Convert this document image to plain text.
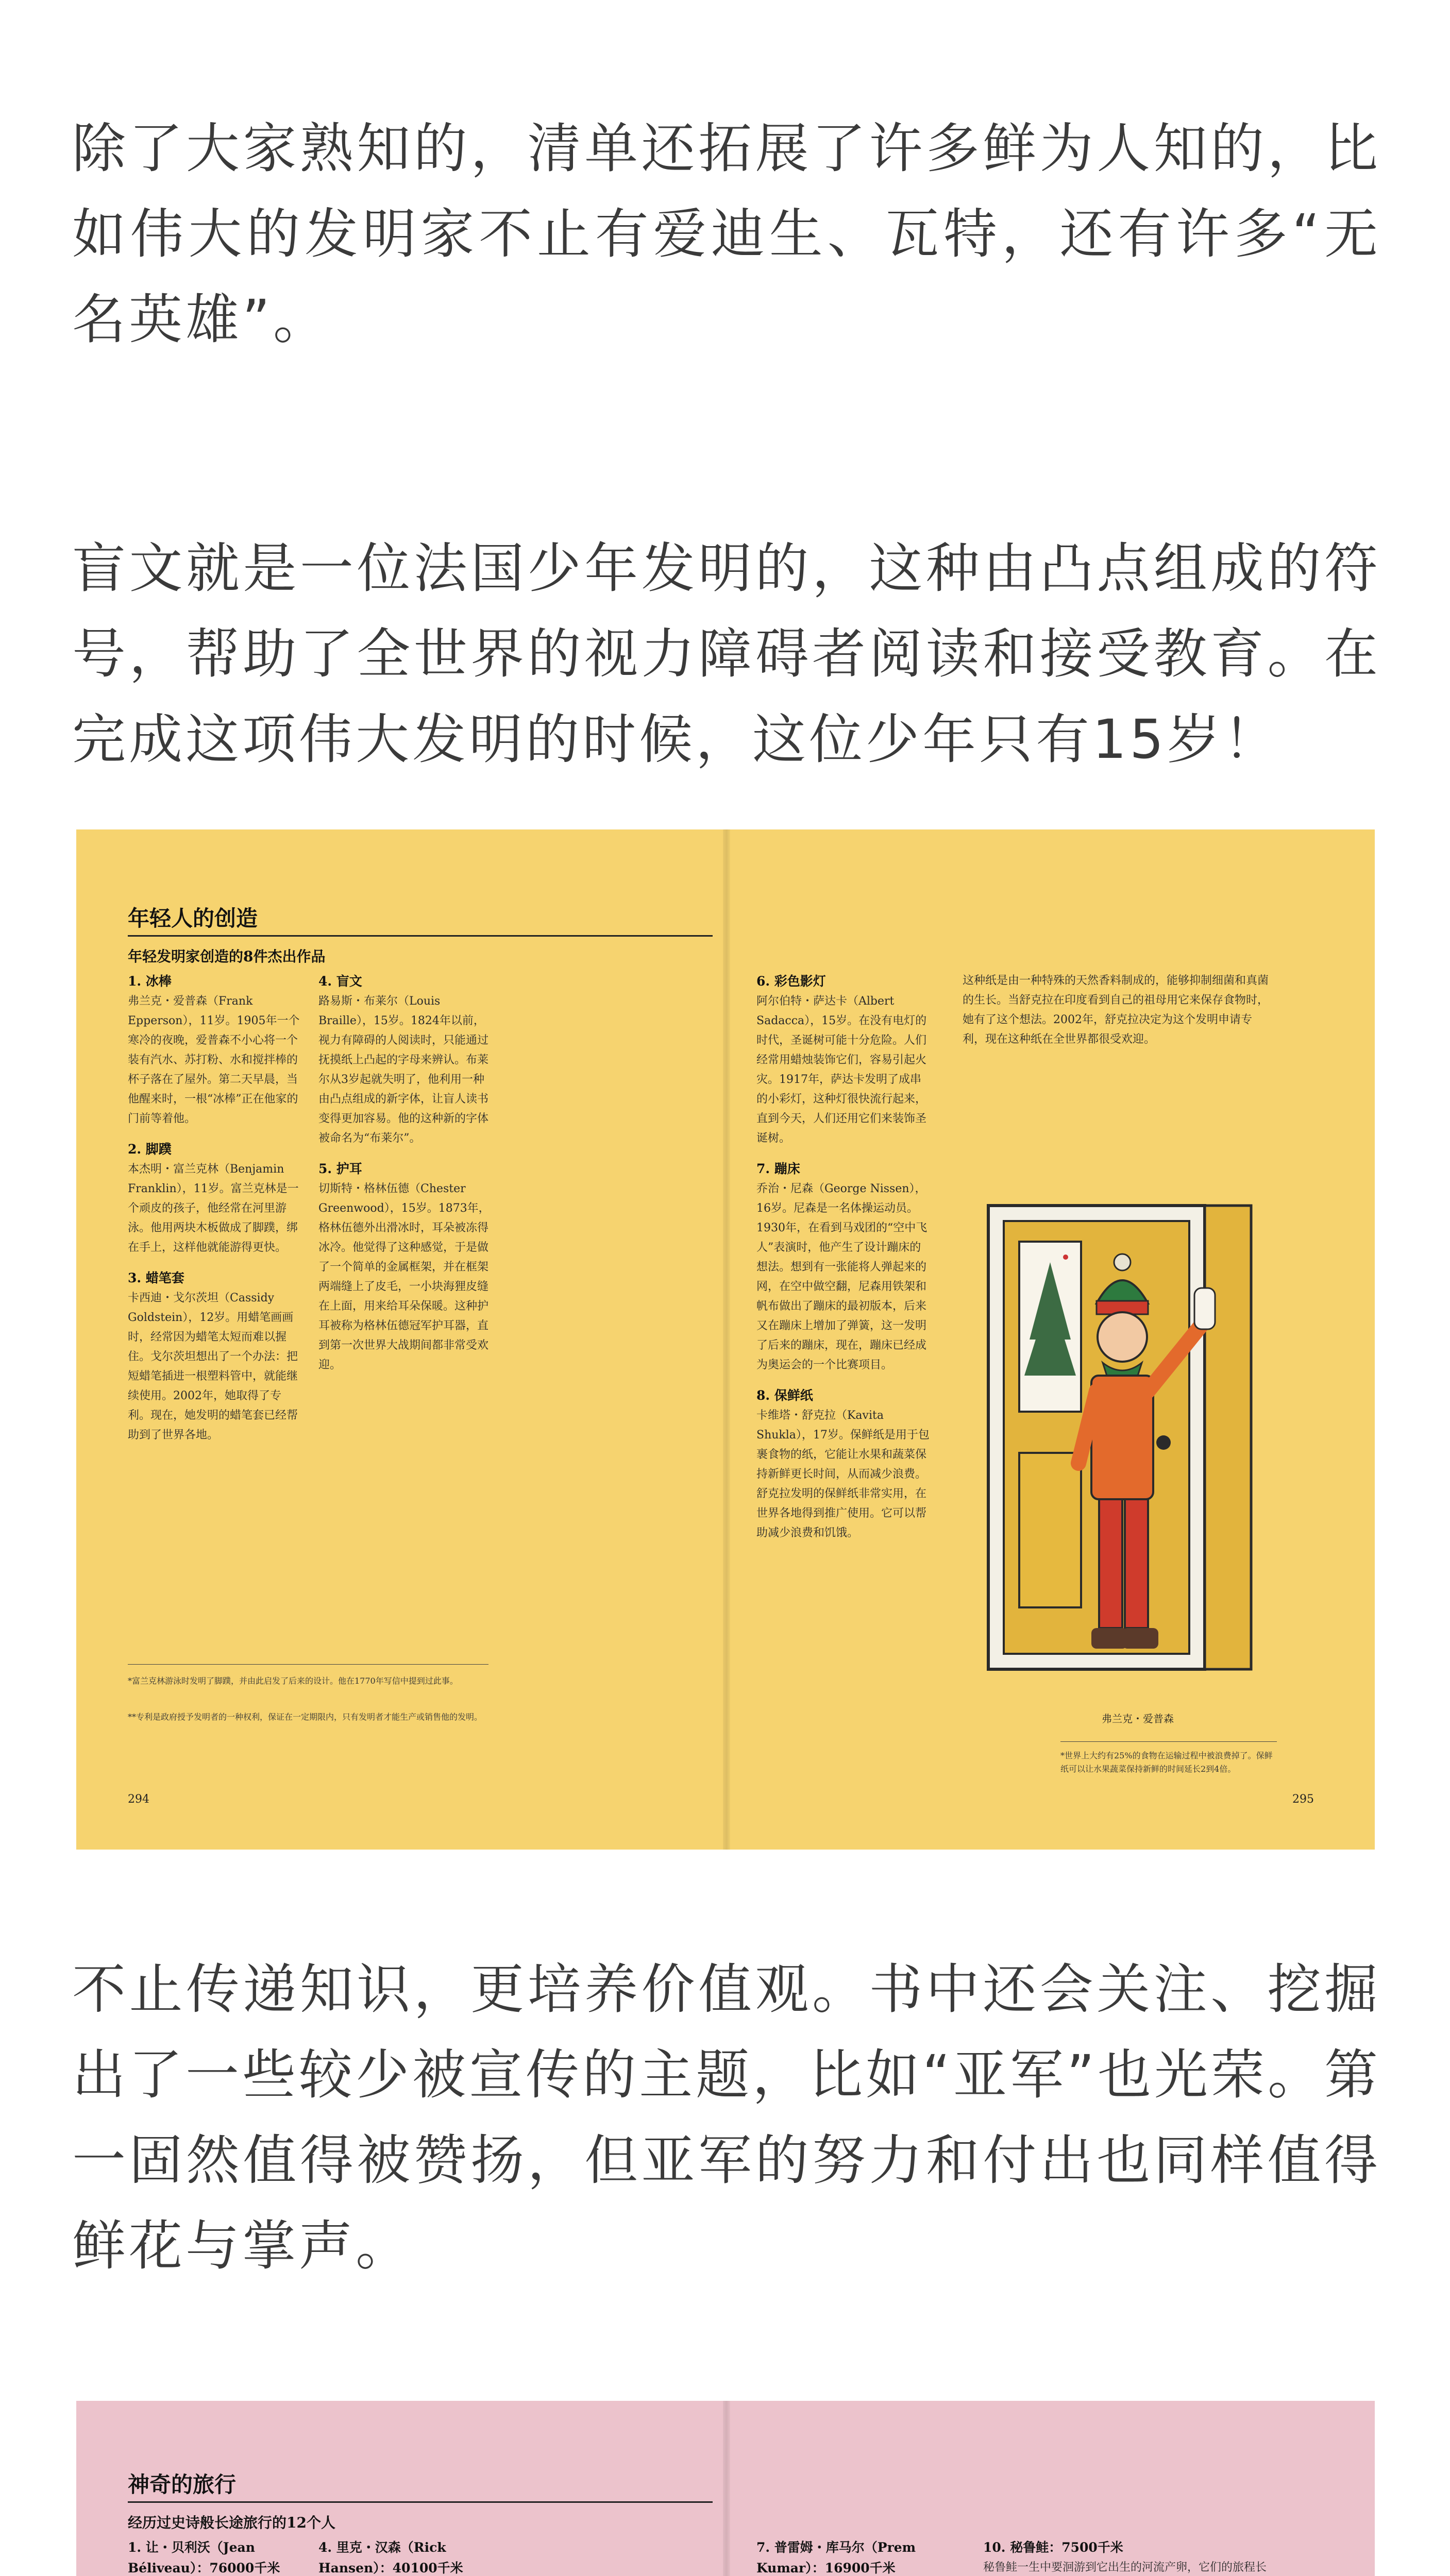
除了大家熟知的，清单还拓展了许多鲜为人知的，比如伟大的发明家不止有爱迪生、瓦特，还有许多“无名英雄”。

盲文就是一位法国少年发明的，这种由凸点组成的符号，帮助了全世界的视力障碍者阅读和接受教育。在完成这项伟大发明的时候，这位少年只有15岁！

年轻人的创造
年轻发明家创造的8件杰出作品
1. 冰棒

弗兰克・爱普森（Frank Epperson），11岁。1905年一个寒冷的夜晚，爱普森不小心将一个装有汽水、苏打粉、水和搅拌棒的杯子落在了屋外。第二天早晨，当他醒来时，一根“冰棒”正在他家的门前等着他。

2. 脚蹼

本杰明・富兰克林（Benjamin Franklin），11岁。富兰克林是一个顽皮的孩子，他经常在河里游泳。他用两块木板做成了脚蹼，绑在手上，这样他就能游得更快。

3. 蜡笔套

卡西迪・戈尔茨坦（Cassidy Goldstein），12岁。用蜡笔画画时，经常因为蜡笔太短而难以握住。戈尔茨坦想出了一个办法：把短蜡笔插进一根塑料管中，就能继续使用。2002年，她取得了专利。现在，她发明的蜡笔套已经帮助到了世界各地。

4. 盲文

路易斯・布莱尔（Louis Braille），15岁。1824年以前，视力有障碍的人阅读时，只能通过抚摸纸上凸起的字母来辨认。布莱尔从3岁起就失明了，他利用一种由凸点组成的新字体，让盲人读书变得更加容易。他的这种新的字体被命名为“布莱尔”。

5. 护耳

切斯特・格林伍德（Chester Greenwood），15岁。1873年，格林伍德外出滑冰时，耳朵被冻得冰冷。他觉得了这种感觉，于是做了一个简单的金属框架，并在框架两端缝上了皮毛，一小块海狸皮缝在上面，用来给耳朵保暖。这种护耳被称为格林伍德冠军护耳器，直到第一次世界大战期间都非常受欢迎。

*富兰克林游泳时发明了脚蹼，并由此启发了后来的设计。他在1770年写信中提到过此事。
**专利是政府授予发明者的一种权利，保证在一定期限内，只有发明者才能生产或销售他的发明。
294
6. 彩色影灯

阿尔伯特・萨达卡（Albert Sadacca），15岁。在没有电灯的时代，圣诞树可能十分危险。人们经常用蜡烛装饰它们，容易引起火灾。1917年，萨达卡发明了成串的小彩灯，这种灯很快流行起来，直到今天，人们还用它们来装饰圣诞树。

7. 蹦床

乔治・尼森（George Nissen），16岁。尼森是一名体操运动员。1930年，在看到马戏团的“空中飞人”表演时，他产生了设计蹦床的想法。想到有一张能将人弹起来的网，在空中做空翻，尼森用铁架和帆布做出了蹦床的最初版本，后来又在蹦床上增加了弹簧，这一发明了后来的蹦床，现在，蹦床已经成为奥运会的一个比赛项目。

8. 保鲜纸

卡维塔・舒克拉（Kavita Shukla），17岁。保鲜纸是用于包裹食物的纸，它能让水果和蔬菜保持新鲜更长时间，从而减少浪费。舒克拉发明的保鲜纸非常实用，在世界各地得到推广使用。它可以帮助减少浪费和饥饿。

这种纸是由一种特殊的天然香料制成的，能够抑制细菌和真菌的生长。当舒克拉在印度看到自己的祖母用它来保存食物时，她有了这个想法。2002年，舒克拉决定为这个发明申请专利，现在这种纸在全世界都很受欢迎。

弗兰克・爱普森
*世界上大约有25%的食物在运输过程中被浪费掉了。保鲜纸可以让水果蔬菜保持新鲜的时间延长2到4倍。
295

不止传递知识，更培养价值观。书中还会关注、挖掘出了一些较少被宣传的主题，比如“亚军”也光荣。第一固然值得被赞扬，但亚军的努力和付出也同样值得鲜花与掌声。

神奇的旅行
经历过史诗般长途旅行的12个人
1. 让・贝利沃（Jean Béliveau）：76000千米

4. 里克・汉森（Rick Hansen）：40100千米

7. 普雷姆・库马尔（Prem Kumar）：16900千米

10. 秘鲁鲑：7500千米

秘鲁鲑一生中要洄游到它出生的河流产卵，它们的旅程长
